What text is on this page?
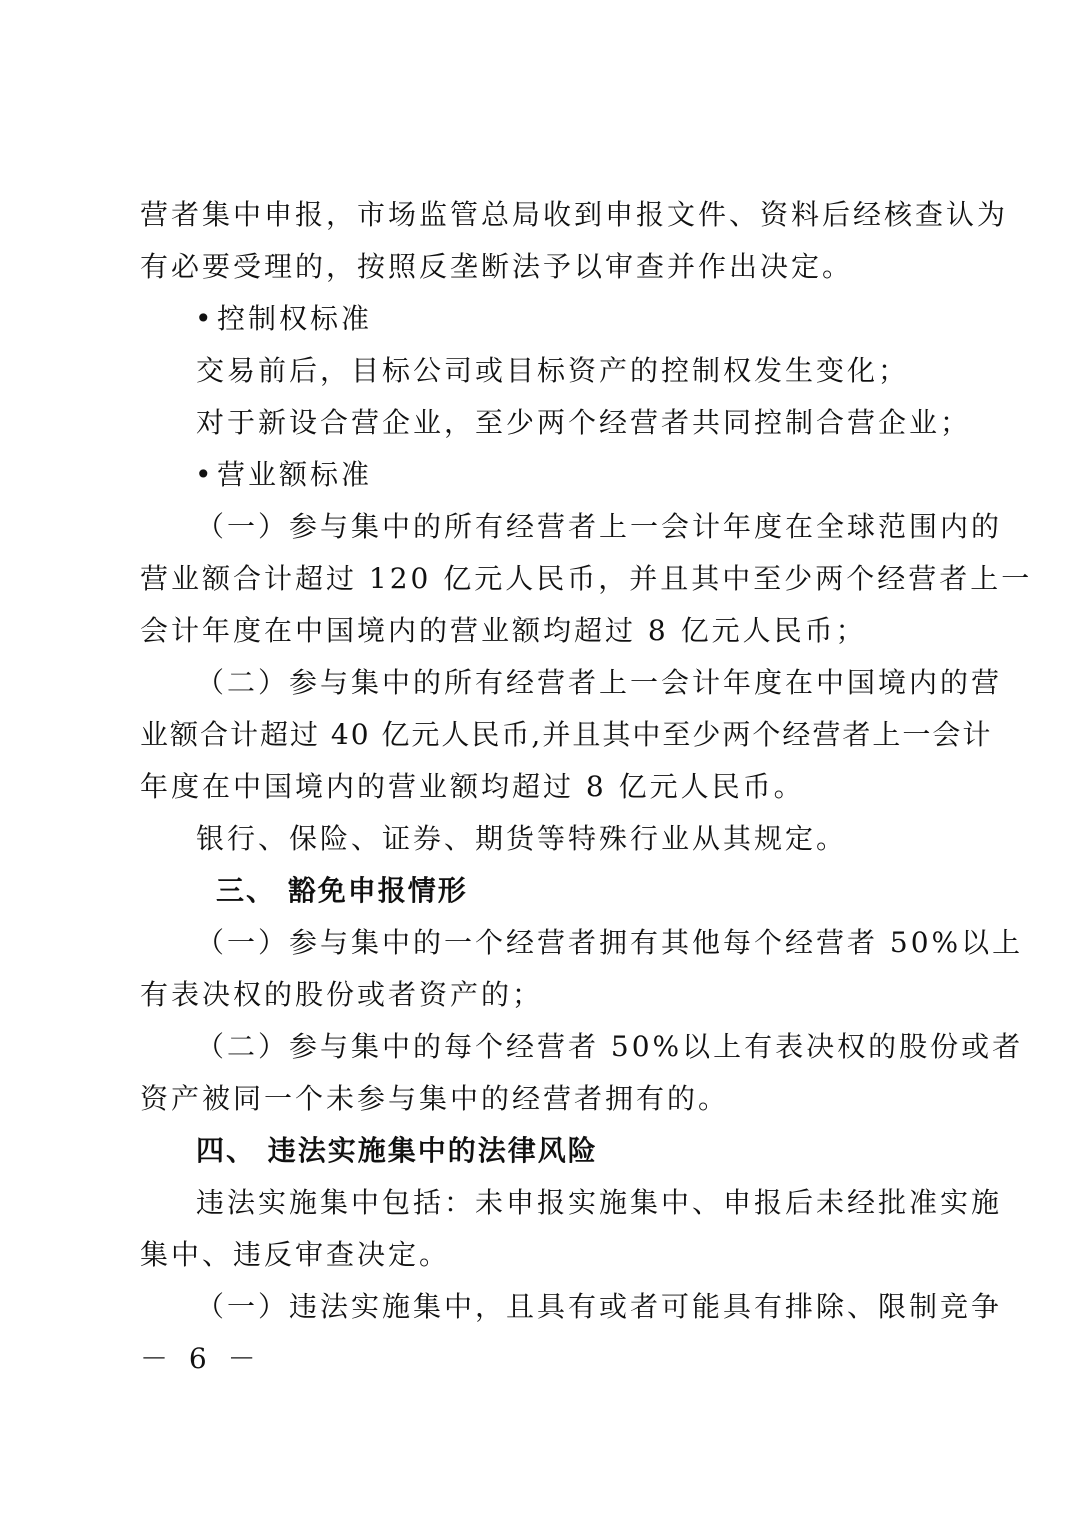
营者集中申报，市场监管总局收到申报文件、资料后经核查认为
有必要受理的，按照反垄断法予以审查并作出决定。
•控制权标准
交易前后，目标公司或目标资产的控制权发生变化；
对于新设合营企业，至少两个经营者共同控制合营企业；
•营业额标准
（一）参与集中的所有经营者上一会计年度在全球范围内的
营业额合计超过 120 亿元人民币，并且其中至少两个经营者上一
会计年度在中国境内的营业额均超过 8 亿元人民币；
（二）参与集中的所有经营者上一会计年度在中国境内的营
业额合计超过 40 亿元人民币,并且其中至少两个经营者上一会计
年度在中国境内的营业额均超过 8 亿元人民币。
银行、保险、证券、期货等特殊行业从其规定。
三、 豁免申报情形
（一）参与集中的一个经营者拥有其他每个经营者 50%以上
有表决权的股份或者资产的；
（二）参与集中的每个经营者 50%以上有表决权的股份或者
资产被同一个未参与集中的经营者拥有的。
四、 违法实施集中的法律风险
违法实施集中包括：未申报实施集中、申报后未经批准实施
集中、违反审查决定。
（一）违法实施集中，且具有或者可能具有排除、限制竞争
－ 6 －
